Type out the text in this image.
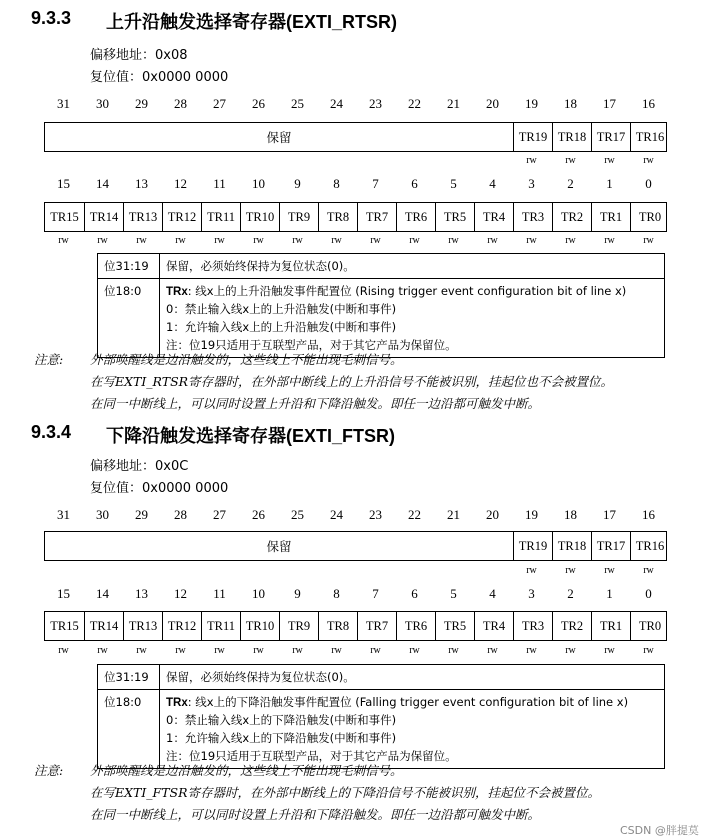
9.3.3 上升沿触发选择寄存器(EXTI_RTSR)
偏移地址：0x08
复位值：0x0000 0000
31	30	29	28	27	26	25	24	23	22	21	20	19	18	17	16
保留	TR19 TR18 TR17 TR16
rw	rw	rw	rw
15	14	13	12	11	10	9	8	7	6	5	4	3	2	1	0
TR15 TR14 TR13 TR12 TR11 TR10	TR9	TR8	TR7	TR6	TR5	TR4	TR3	TR2	TR1	TR0
rw	rw	rw	rw	rw	rw	rw	rw	rw	rw	rw	rw	rw	rw	rw	rw
位31:19	保留，必须始终保持为复位状态(0)。
位18:0	TRx: 线x上的上升沿触发事件配置位 (Rising trigger event configuration bit of line x)
0：禁止输入线x上的上升沿触发(中断和事件)
1：允许输入线x上的上升沿触发(中断和事件)
注：位19只适用于互联型产品，对于其它产品为保留位。
注意: 外部唤醒线是边沿触发的，这些线上不能出现毛刺信号。
在写EXTI_RTSR寄存器时，在外部中断线上的上升沿信号不能被识别，挂起位也不会被置位。
在同一中断线上，可以同时设置上升沿和下降沿触发。即任一边沿都可触发中断。
9.3.4 下降沿触发选择寄存器(EXTI_FTSR)
偏移地址：0x0C
复位值：0x0000 0000
31	30	29	28	27	26	25	24	23	22	21	20	19	18	17	16
保留	TR19 TR18 TR17 TR16
rw	rw	rw	rw
15	14	13	12	11	10	9	8	7	6	5	4	3	2	1	0
TR15 TR14 TR13 TR12 TR11 TR10	TR9	TR8	TR7	TR6	TR5	TR4	TR3	TR2	TR1	TR0
rw	rw	rw	rw	rw	rw	rw	rw	rw	rw	rw	rw	rw	rw	rw	rw
位31:19	保留，必须始终保持为复位状态(0)。
位18:0	TRx: 线x上的下降沿触发事件配置位 (Falling trigger event configuration bit of line x)
0：禁止输入线x上的下降沿触发(中断和事件)
1：允许输入线x上的下降沿触发(中断和事件)
注：位19只适用于互联型产品，对于其它产品为保留位。
注意: 外部唤醒线是边沿触发的，这些线上不能出现毛刺信号。
在写EXTI_FTSR寄存器时，在外部中断线上的下降沿信号不能被识别，挂起位不会被置位。
在同一中断线上，可以同时设置上升沿和下降沿触发。即任一边沿都可触发中断。
CSDN @胖提莫
